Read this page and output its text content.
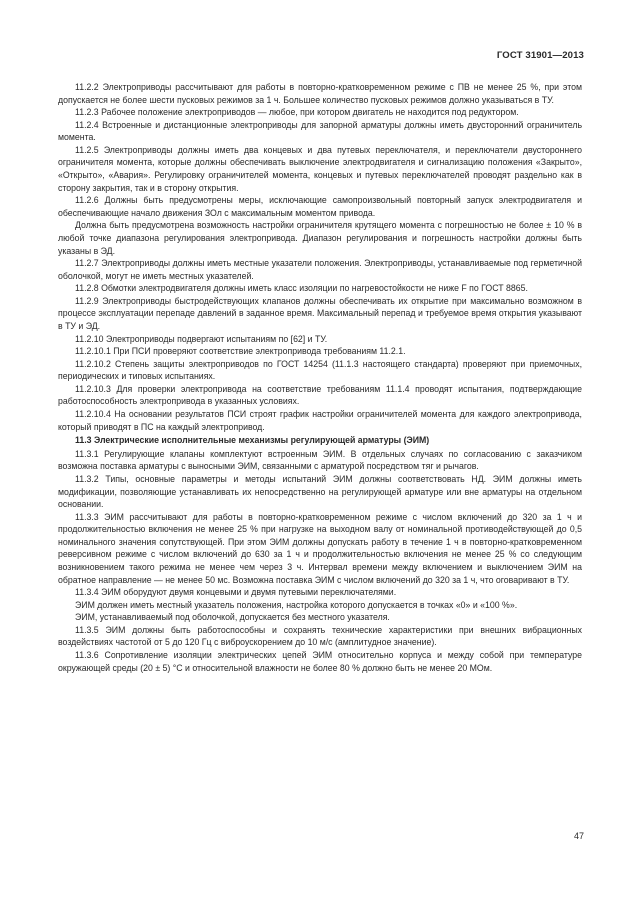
ГОСТ 31901—2013

11.2.2 Электроприводы рассчитывают для работы в повторно-кратковременном режиме с ПВ не менее 25 %, при этом допускается не более шести пусковых режимов за 1 ч. Большее количество пусковых режимов должно указываться в ТУ.

11.2.3 Рабочее положение электроприводов — любое, при котором двигатель не находится под редуктором.

11.2.4 Встроенные и дистанционные электроприводы для запорной арматуры должны иметь двусторонний ограничитель момента.

11.2.5 Электроприводы должны иметь два концевых и два путевых переключателя, и переключатели двустороннего ограничителя момента, которые должны обеспечивать выключение электродвигателя и сигнализацию положения «Закрыто», «Открыто», «Авария». Регулировку ограничителей момента, концевых и путевых переключателей проводят раздельно как в сторону закрытия, так и в сторону открытия.

11.2.6 Должны быть предусмотрены меры, исключающие самопроизвольный повторный запуск электродвигателя и обеспечивающие начало движения ЗОл с максимальным моментом привода.

Должна быть предусмотрена возможность настройки ограничителя крутящего момента с погрешностью не более ± 10 % в любой точке диапазона регулирования электропривода. Диапазон регулирования и погрешность настройки должны быть указаны в ЭД.

11.2.7 Электроприводы должны иметь местные указатели положения. Электроприводы, устанавливаемые под герметичной оболочкой, могут не иметь местных указателей.

11.2.8 Обмотки электродвигателя должны иметь класс изоляции по нагревостойкости не ниже F по ГОСТ 8865.

11.2.9 Электроприводы быстродействующих клапанов должны обеспечивать их открытие при максимально возможном в процессе эксплуатации перепаде давлений в заданное время. Максимальный перепад и требуемое время открытия указывают в ТУ и ЭД.

11.2.10 Электроприводы подвергают испытаниям по [62] и ТУ.

11.2.10.1 При ПСИ проверяют соответствие электропривода требованиям 11.2.1.

11.2.10.2 Степень защиты электроприводов по ГОСТ 14254 (11.1.3 настоящего стандарта) проверяют при приемочных, периодических и типовых испытаниях.

11.2.10.3 Для проверки электропривода на соответствие требованиям 11.1.4 проводят испытания, подтверждающие работоспособность электропривода в указанных условиях.

11.2.10.4 На основании результатов ПСИ строят график настройки ограничителей момента для каждого электропривода, который приводят в ПС на каждый электропривод.

11.3 Электрические исполнительные механизмы регулирующей арматуры (ЭИМ)

11.3.1 Регулирующие клапаны комплектуют встроенным ЭИМ. В отдельных случаях по согласованию с заказчиком возможна поставка арматуры с выносными ЭИМ, связанными с арматурой посредством тяг и рычагов.

11.3.2 Типы, основные параметры и методы испытаний ЭИМ должны соответствовать НД. ЭИМ должны иметь модификации, позволяющие устанавливать их непосредственно на регулирующей арматуре или вне арматуры на отдельном основании.

11.3.3 ЭИМ рассчитывают для работы в повторно-кратковременном режиме с числом включений до 320 за 1 ч и продолжительностью включения не менее 25 % при нагрузке на выходном валу от номинальной противодействующей до 0,5 номинального значения сопутствующей. При этом ЭИМ должны допускать работу в течение 1 ч в повторно-кратковременном реверсивном режиме с числом включений до 630 за 1 ч и продолжительностью включения не менее 25 % со следующим возникновением такого режима не менее чем через 3 ч. Интервал времени между включением и выключением ЭИМ на обратное направление — не менее 50 мс. Возможна поставка ЭИМ с числом включений до 320 за 1 ч, что оговаривают в ТУ.

11.3.4 ЭИМ оборудуют двумя концевыми и двумя путевыми переключателями.

ЭИМ должен иметь местный указатель положения, настройка которого допускается в точках «0» и «100 %».

ЭИМ, устанавливаемый под оболочкой, допускается без местного указателя.

11.3.5 ЭИМ должны быть работоспособны и сохранять технические характеристики при внешних вибрационных воздействиях частотой от 5 до 120 Гц с виброускорением до 10 м/с (амплитудное значение).

11.3.6 Сопротивление изоляции электрических цепей ЭИМ относительно корпуса и между собой при температуре окружающей среды (20 ± 5) °С и относительной влажности не более 80 % должно быть не менее 20 МОм.

47
